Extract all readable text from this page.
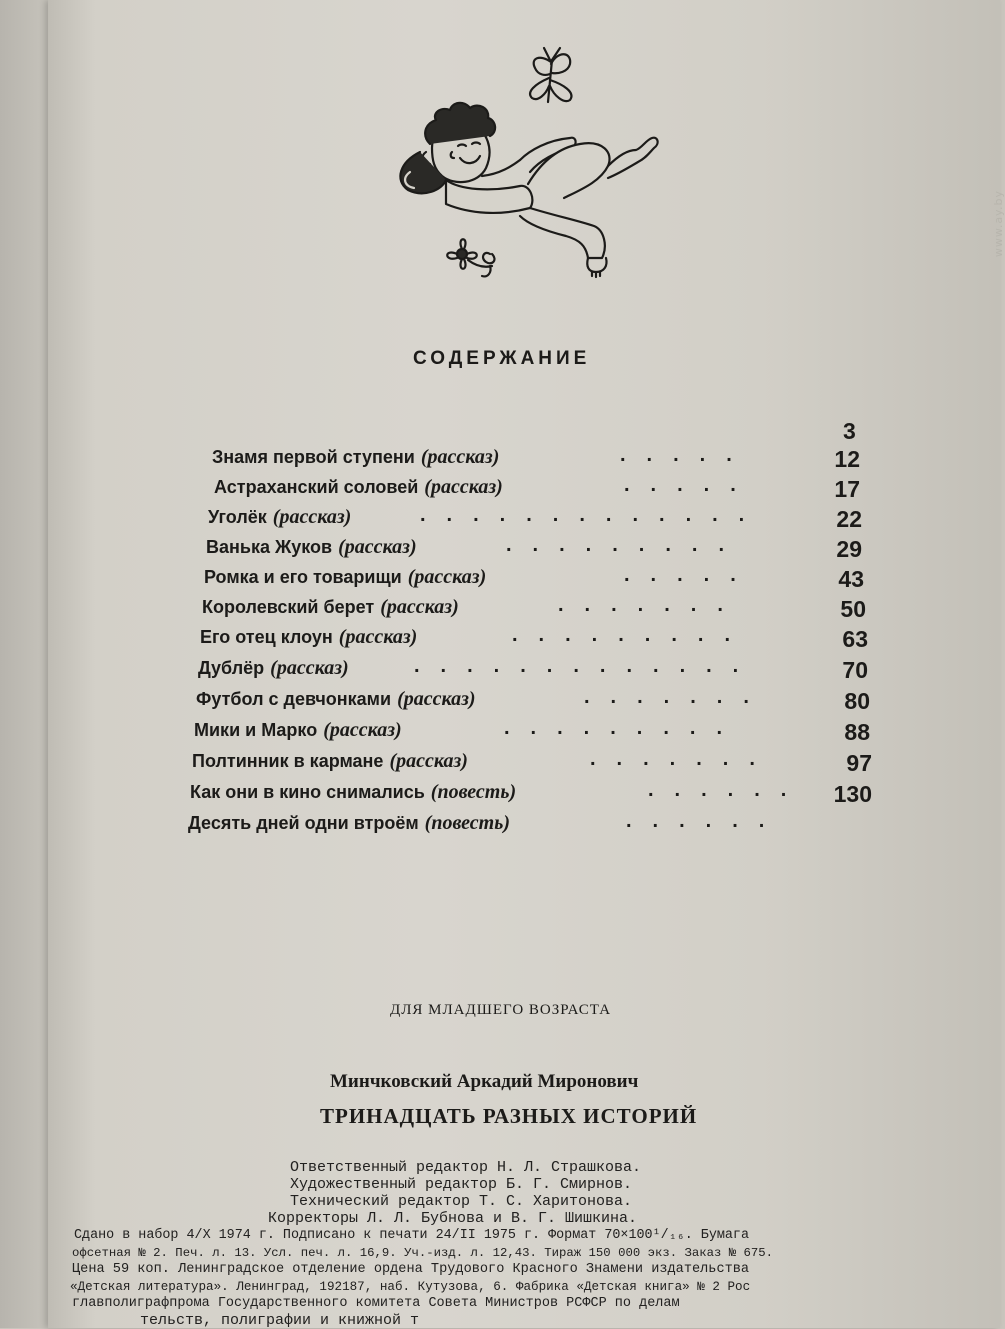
www.ay.by
СОДЕРЖАНИЕ
3
Знамя первой ступени (рассказ)	.....	12
Астраханский соловей (рассказ)	.....	17
Уголёк (рассказ)	.............	22
Ванька Жуков (рассказ)	.........	29
Ромка и его товарищи (рассказ)	.....	43
Королевский берет (рассказ)	.......	50
Его отец клоун (рассказ)	.........	63
Дублёр (рассказ)	.............	70
Футбол с девчонками (рассказ)	.......	80
Мики и Марко (рассказ)	.........	88
Полтинник в кармане (рассказ)	.......	97
Как они в кино снимались (повесть)	......	130
Десять дней одни втроём (повесть)	......
ДЛЯ МЛАДШЕГО ВОЗРАСТА
Минчковский Аркадий Миронович
ТРИНАДЦАТЬ РАЗНЫХ ИСТОРИЙ
Ответственный редактор Н. Л. Страшкова.
Художественный редактор Б. Г. Смирнов.
Технический редактор Т. С. Харитонова.
Корректоры Л. Л. Бубнова и В. Г. Шишкина.
Сдано в набор 4/X 1974 г. Подписано к печати 24/II 1975 г. Формат 70×100¹/₁₆. Бумага
офсетная № 2. Печ. л. 13. Усл. печ. л. 16,9. Уч.-изд. л. 12,43. Тираж 150 000 экз. Заказ № 675.
Цена 59 коп. Ленинградское отделение ордена Трудового Красного Знамени издательства
«Детская литература». Ленинград, 192187, наб. Кутузова, 6. Фабрика «Детская книга» № 2 Рос
главполиграфпрома Государственного комитета Совета Министров РСФСР по делам
тельств, полиграфии и книжной т
